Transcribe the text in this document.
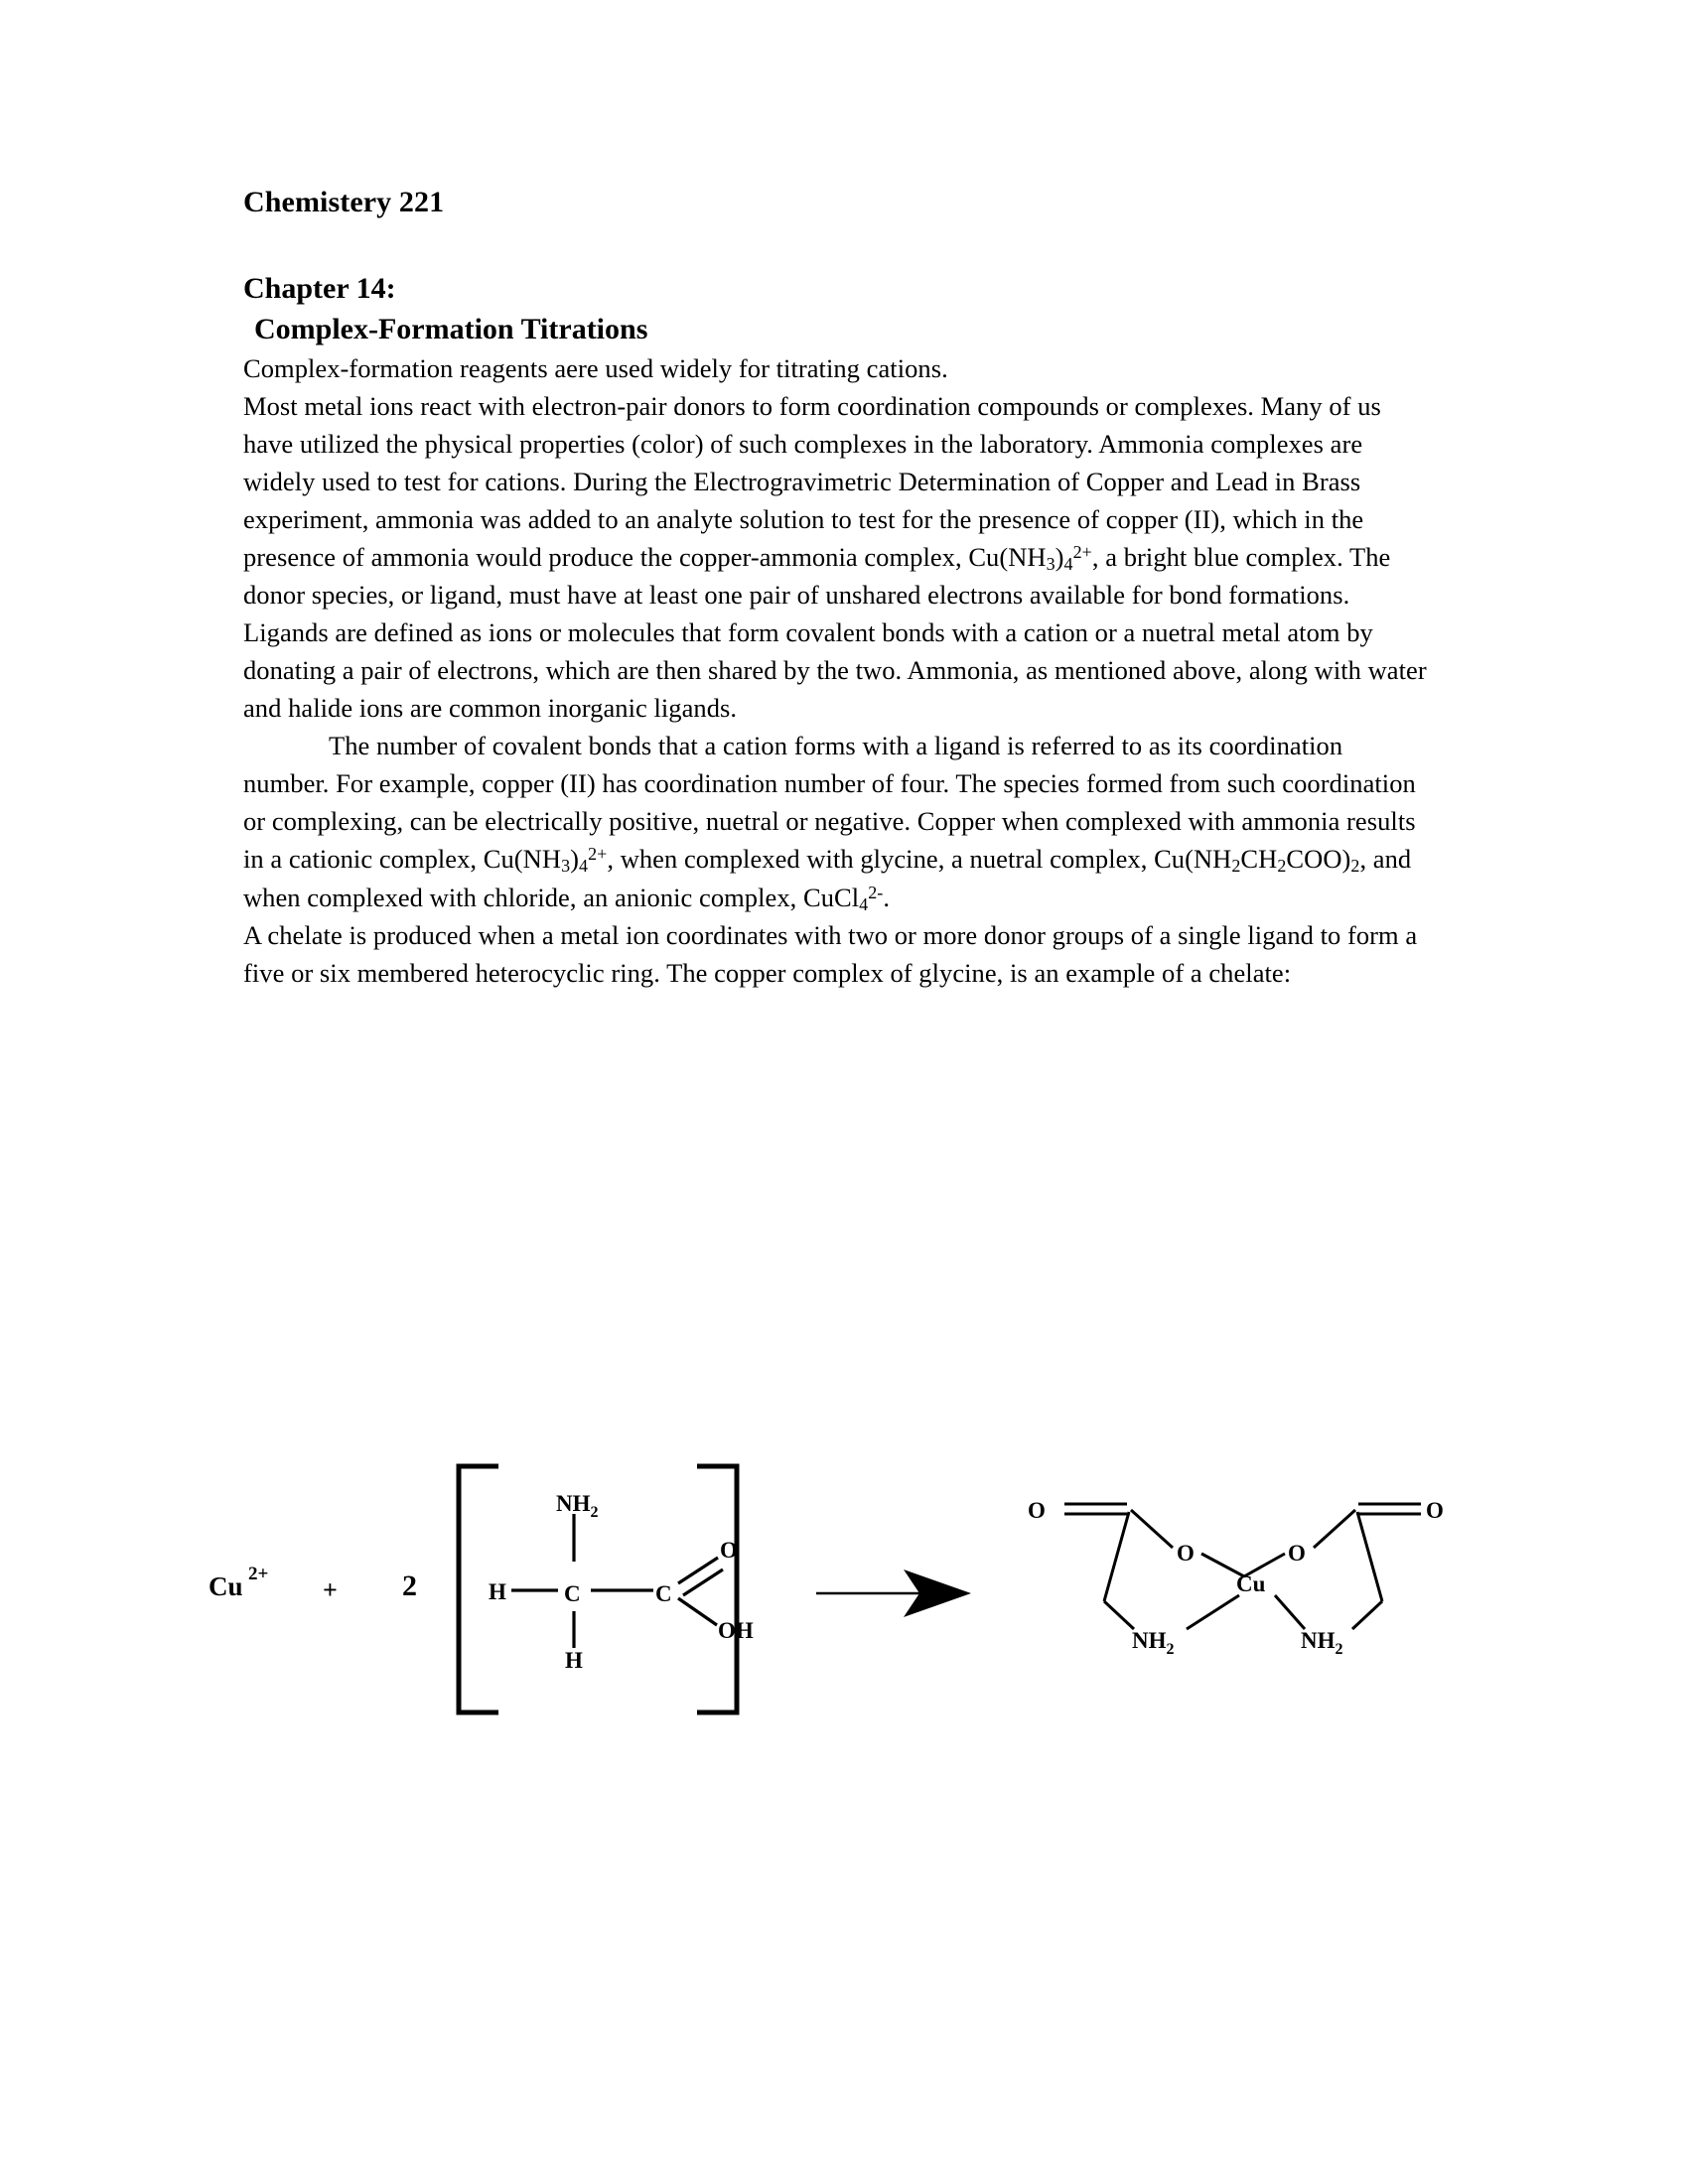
Chemistery 221
Chapter 14:
Complex-Formation Titrations

Complex-formation reagents aere used widely for titrating cations.

Most metal ions react with electron-pair donors to form coordination compounds or complexes. Many of us have utilized the physical properties (color) of such complexes in the laboratory. Ammonia complexes are widely used to test for cations. During the Electrogravimetric Determination of Copper and Lead in Brass experiment, ammonia was added to an analyte solution to test for the presence of copper (II), which in the presence of ammonia would produce the copper-ammonia complex, $Cu(NH_3)_4^{2+}$, a bright blue complex. The donor species, or ligand, must have at least one pair of unshared electrons available for bond formations. Ligands are defined as ions or molecules that form covalent bonds with a cation or a nuetral metal atom by donating a pair of electrons, which are then shared by the two. Ammonia, as mentioned above, along with water and halide ions are common inorganic ligands.

The number of covalent bonds that a cation forms with a ligand is referred to as its coordination number. For example, copper (II) has coordination number of four. The species formed from such coordination or complexing, can be electrically positive, nuetral or negative. Copper when complexed with ammonia results in a cationic complex, $Cu(NH_3)_4^{2+}$, when complexed with glycine, a nuetral complex, $Cu(NH_2CH_2COO)_2$, and when complexed with chloride, an anionic complex, CuCl$_4^{2-}$.

A chelate is produced when a metal ion coordinates with two or more donor groups of a single ligand to form a five or six membered heterocyclic ring. The copper complex of glycine, is an example of a chelate:

Cu 2+
+ 2
$NH_2$
H	C
H
C
O
OH
O
O
Cu
O
O
$NH_2$	$NH_2$
